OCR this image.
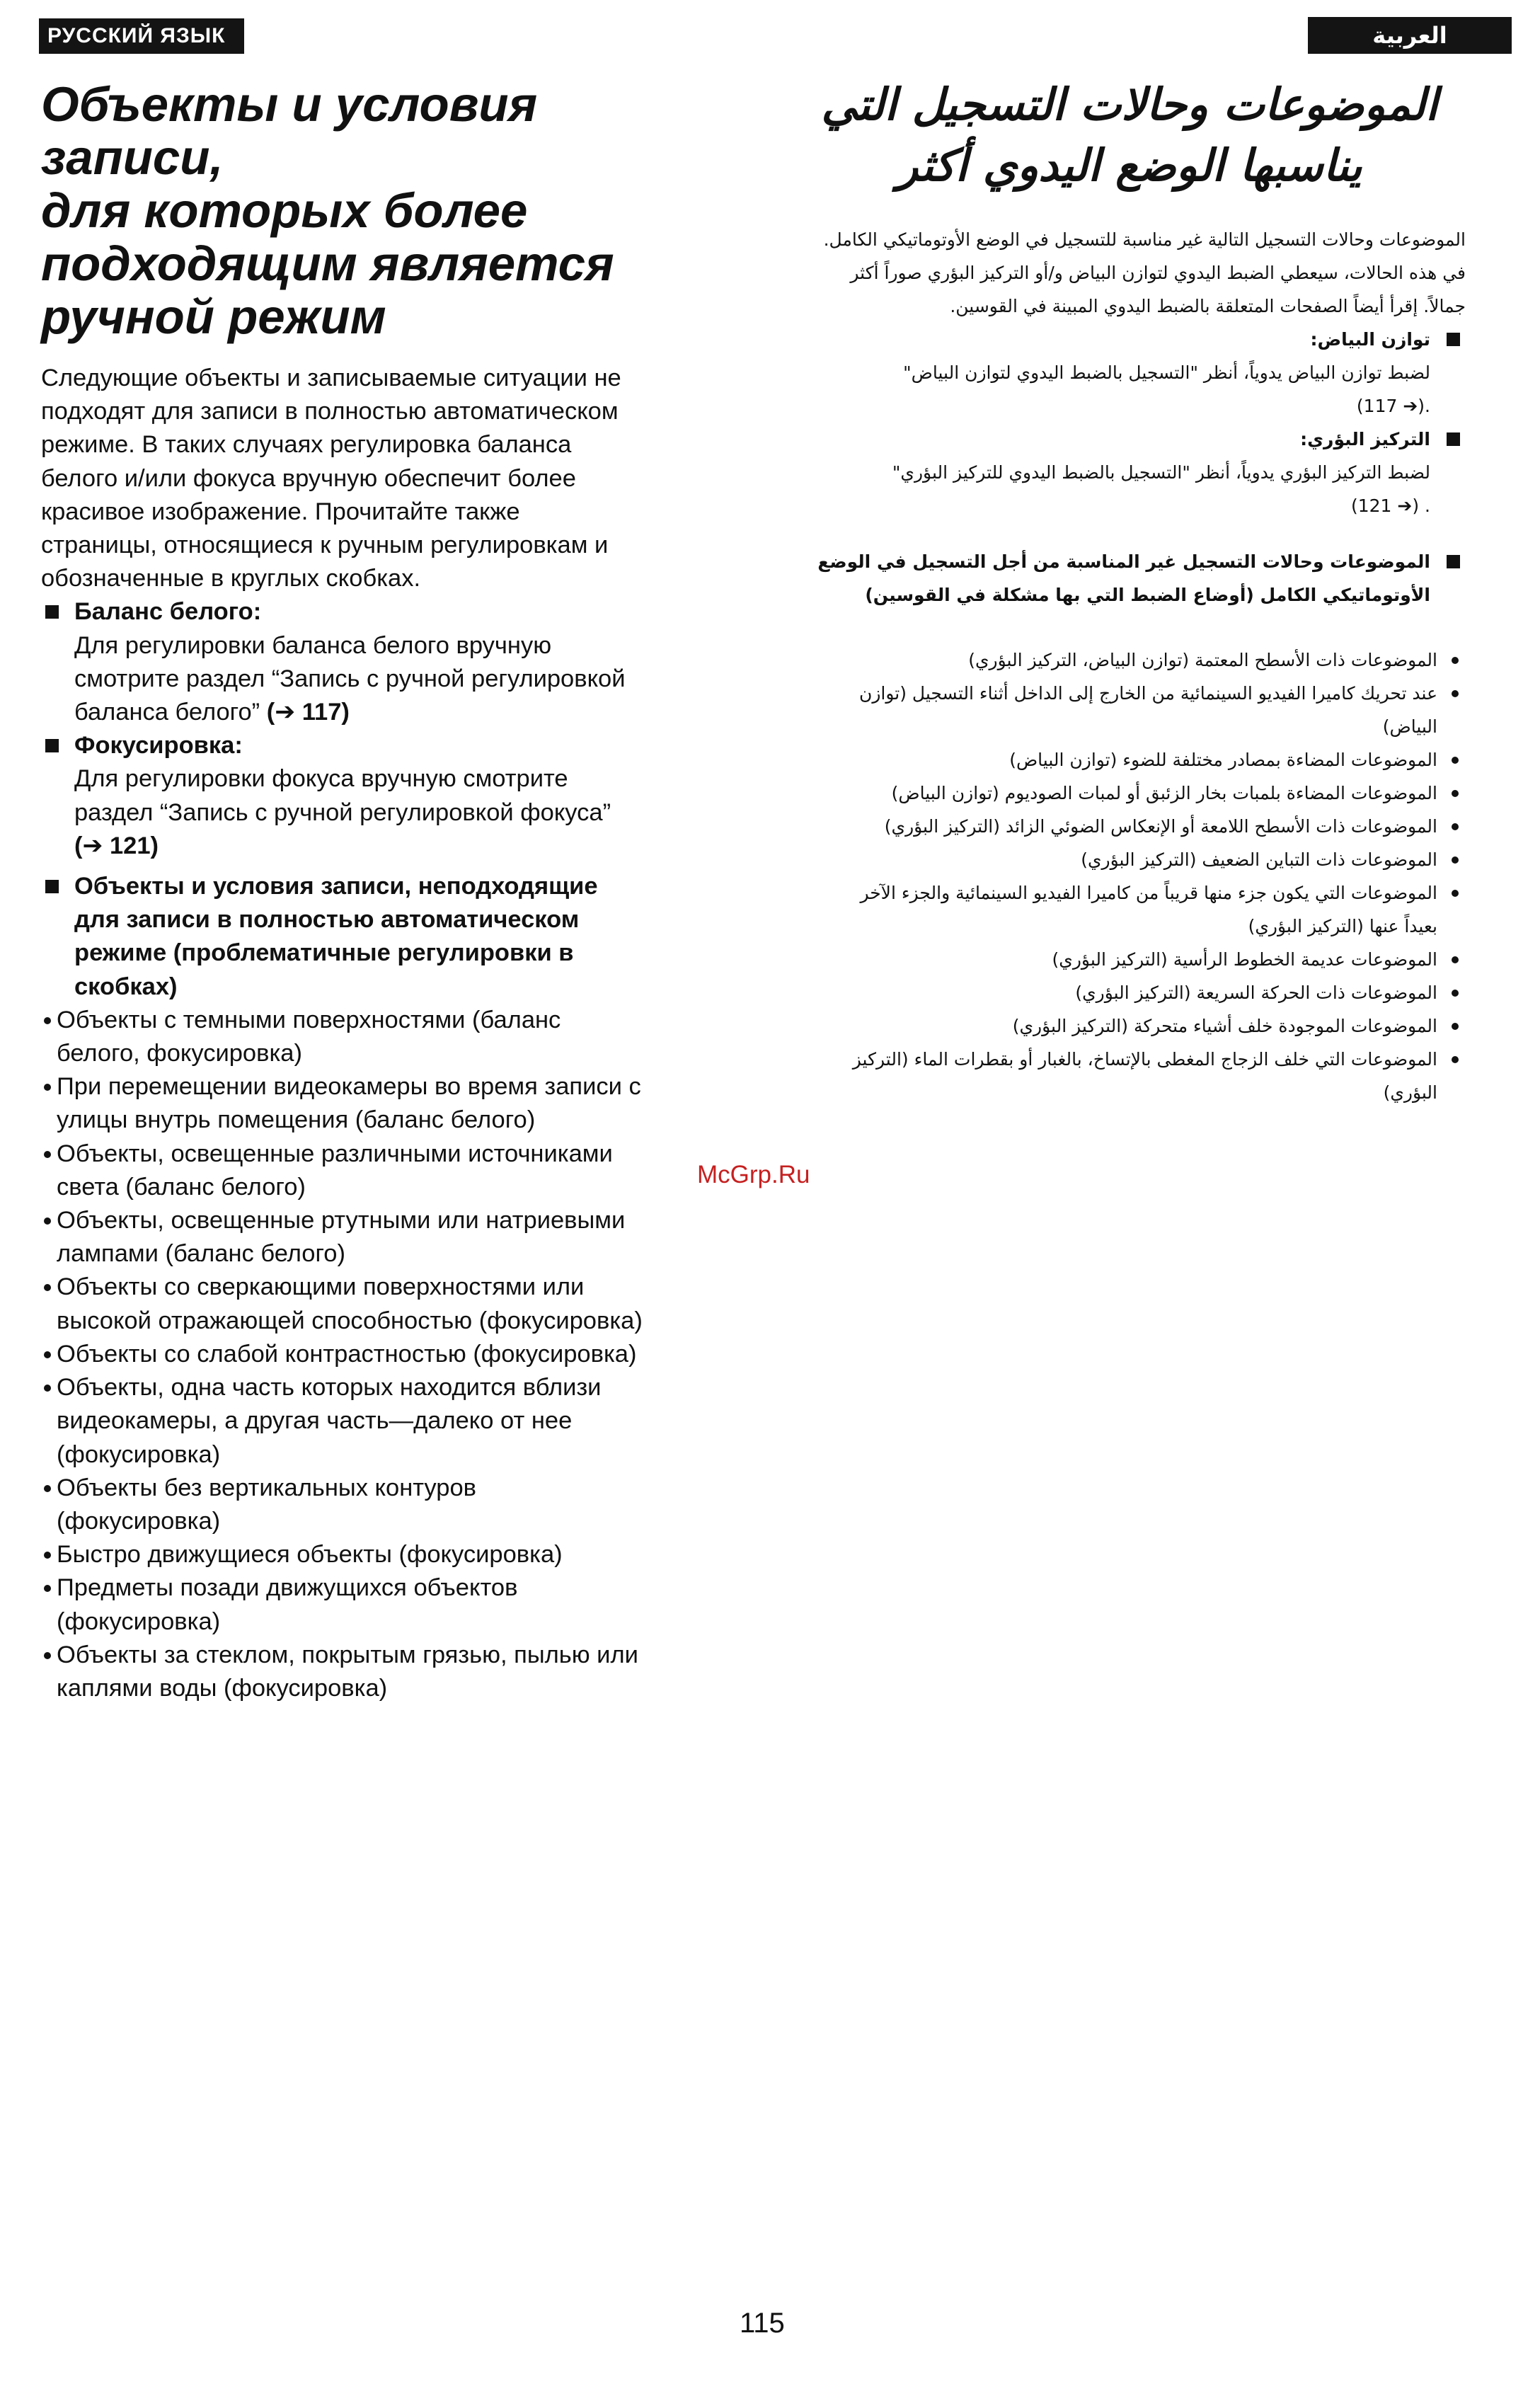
РУССКИЙ ЯЗЫК	العربية
Объекты и условия записи,
для которых более
подходящим является
ручной режим
Следующие объекты и записываемые ситуации не
подходят для записи в полностью автоматическом
режиме. В таких случаях регулировка баланса
белого и/или фокуса вручную обеспечит более
красивое изображение. Прочитайте также
страницы, относящиеся к ручным регулировкам и
обозначенные в круглых скобках.
Баланс белого:
Для регулировки баланса белого вручную
смотрите раздел “Запись с ручной регулировкой
баланса белого” (➔ 117)
Фокусировка:
Для регулировки фокуса вручную смотрите
раздел “Запись с ручной регулировкой фокуса”
(➔ 121)
Объекты и условия записи, неподходящие
для записи в полностью автоматическом
режиме (проблематичные регулировки в
скобках)
Объекты с темными поверхностями (баланс
белого, фокусировка)
При перемещении видеокамеры во время записи с
улицы внутрь помещения (баланс белого)
Объекты, освещенные различными источниками
света (баланс белого)
Объекты, освещенные ртутными или натриевыми
лампами (баланс белого)
Объекты со сверкающими поверхностями или
высокой отражающей способностью (фокусировка)
Объекты со слабой контрастностью (фокусировка)
Объекты, одна часть которых находится вблизи
видеокамеры, а другая часть—далеко от нее
(фокусировка)
Объекты без вертикальных контуров
(фокусировка)
Быстро движущиеся объекты (фокусировка)
Предметы позади движущихся объектов
(фокусировка)
Объекты за стеклом, покрытым грязью, пылью или
каплями воды (фокусировка)
الموضوعات وحالات التسجيل التي
يناسبها الوضع اليدوي أكثر
الموضوعات وحالات التسجيل التالية غير مناسبة للتسجيل في الوضع الأوتوماتيكي الكامل.
في هذه الحالات، سيعطي الضبط اليدوي لتوازن البياض و/أو التركيز البؤري صوراً أكثر
جمالاً. إقرأ أيضاً الصفحات المتعلقة بالضبط اليدوي المبينة في القوسين.
توازن البياض:
لضبط توازن البياض يدوياً، أنظر "التسجيل بالضبط اليدوي لتوازن البياض"
.(➔ 117)
التركيز البؤري:
لضبط التركيز البؤري يدوياً، أنظر "التسجيل بالضبط اليدوي للتركيز البؤري"
. (➔ 121)
الموضوعات وحالات التسجيل غير المناسبة من أجل التسجيل في الوضع
الأوتوماتيكي الكامل (أوضاع الضبط التي بها مشكلة في القوسين)
الموضوعات ذات الأسطح المعتمة (توازن البياض، التركيز البؤري)
عند تحريك كاميرا الفيديو السينمائية من الخارج إلى الداخل أثناء التسجيل (توازن
البياض)
الموضوعات المضاءة بمصادر مختلفة للضوء (توازن البياض)
الموضوعات المضاءة بلمبات بخار الزئبق أو لمبات الصوديوم (توازن البياض)
الموضوعات ذات الأسطح اللامعة أو الإنعكاس الضوئي الزائد (التركيز البؤري)
الموضوعات ذات التباين الضعيف (التركيز البؤري)
الموضوعات التي يكون جزء منها قريباً من كاميرا الفيديو السينمائية والجزء الآخر
بعيداً عنها (التركيز البؤري)
الموضوعات عديمة الخطوط الرأسية (التركيز البؤري)
الموضوعات ذات الحركة السريعة (التركيز البؤري)
الموضوعات الموجودة خلف أشياء متحركة (التركيز البؤري)
الموضوعات التي خلف الزجاج المغطى بالإتساخ، بالغبار أو بقطرات الماء (التركيز
البؤري)
McGrp.Ru
115
